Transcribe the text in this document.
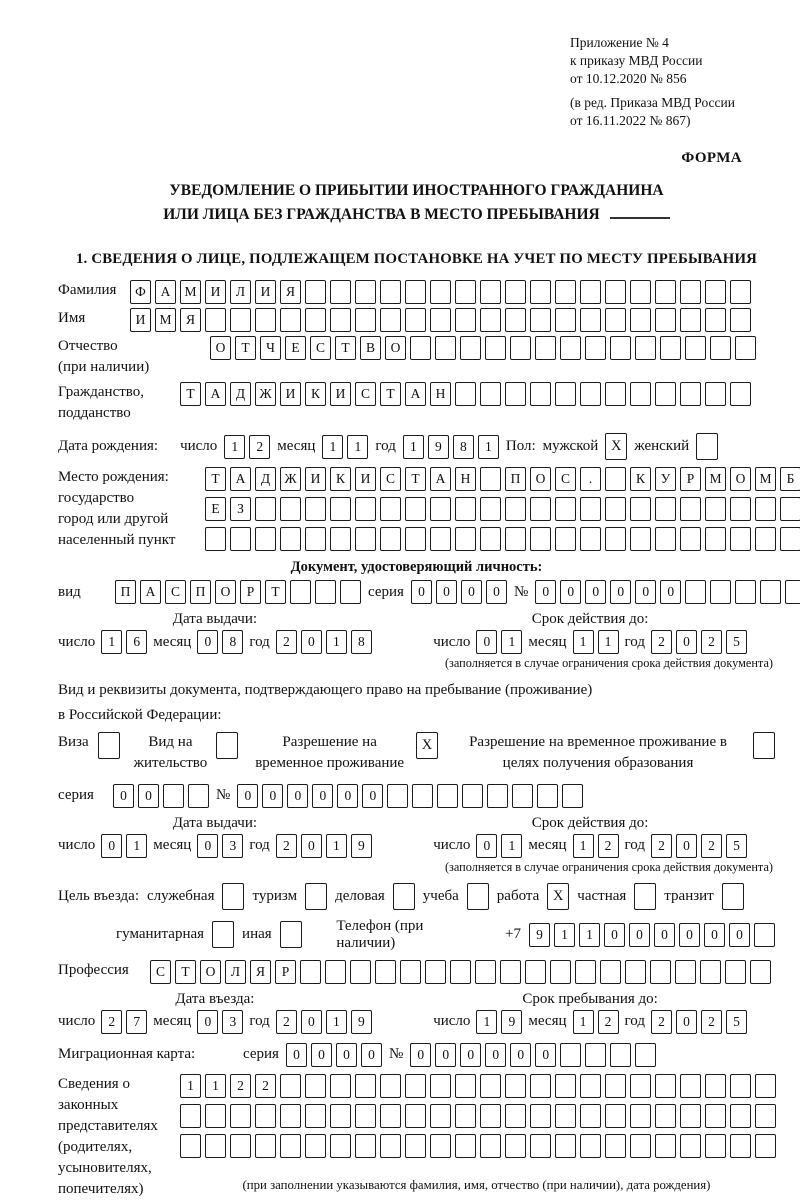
Приложение № 4
к приказу МВД России
от 10.12.2020 № 856
(в ред. Приказа МВД России
от 16.11.2022 № 867)
ФОРМА
УВЕДОМЛЕНИЕ О ПРИБЫТИИ ИНОСТРАННОГО ГРАЖДАНИНА
ИЛИ ЛИЦА БЕЗ ГРАЖДАНСТВА В МЕСТО ПРЕБЫВАНИЯ
1. СВЕДЕНИЯ О ЛИЦЕ, ПОДЛЕЖАЩЕМ ПОСТАНОВКЕ НА УЧЕТ ПО МЕСТУ ПРЕБЫВАНИЯ
Фамилия	Ф	А	М	И	Л	И	Я
Имя	И	М	Я
Отчество
(при наличии)
О	Т	Ч	Е	С	Т	В	О
Гражданство,
подданство
Т	А	Д	Ж	И	К	И	С	Т	А	Н
Дата рождения: число	1	2 месяц	1	1 год	1	9	8	1 Пол: мужской X женский
Место рождения:
государство
город или другой
населенный пункт
Т	А	Д	Ж	И	К	И	С	Т	А	Н	П	О	С	.	К	У	Р	М	О	М	Б
Е	З
Документ, удостоверяющий личность:
вид	П	А	С	П	О	Р	Т	серия	0	0	0	0 №	0	0	0	0	0	0
Дата выдачи:
число 1	6 месяц 0	8 год 2	0	1	8
Срок действия до:
число 0	1 месяц 1	1 год 2	0	2	5
(заполняется в случае ограничения срока действия документа)
Вид и реквизиты документа, подтверждающего право на пребывание (проживание)
в Российской Федерации:
Виза	Вид на жительство
Разрешение на временное проживание
X	Разрешение на временное проживание в целях получения образования
серия	0	0	№	0	0	0	0	0	0
Дата выдачи:
число 0	1 месяц 0	3 год 2	0	1	9
Срок действия до:
число 0	1 месяц 1	2 год 2	0	2	5
(заполняется в случае ограничения срока действия документа)
Цель въезда: служебная	туризм	деловая	учеба	работа X частная	транзит
гуманитарная	иная
Телефон (при наличии)
+7	9	1	1	0	0	0	0	0	0
Профессия	С	Т	О	Л	Я	Р
Дата въезда:
число 2	7 месяц 0	3 год 2	0	1	9
Срок пребывания до:
число 1	9 месяц 1	2 год 2	0	2	5
Миграционная карта:	серия	0	0	0	0 №	0	0	0	0	0	0
Сведения о
законных
представителях
(родителях,
усыновителях,
попечителях)
1	1	2	2
(при заполнении указываются фамилия, имя, отчество (при наличии), дата рождения)
